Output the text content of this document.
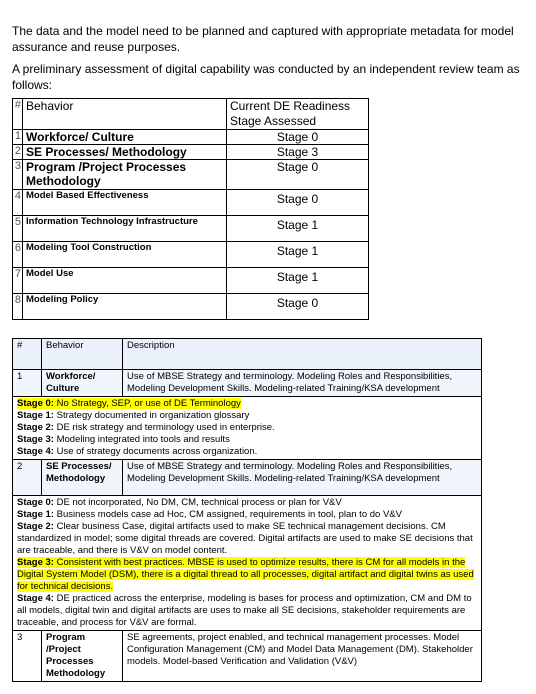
The data and the model need to be planned and captured with appropriate metadata for model assurance and reuse purposes.
A preliminary assessment of digital capability was conducted by an independent review team as follows:
#	Behavior	Current DE Readiness Stage Assessed
1	Workforce/ Culture	Stage 0

2	SE Processes/ Methodology	Stage 3

3	Program /Project Processes Methodology	Stage 0

4	Model Based Effectiveness	Stage 0

5	Information Technology Infrastructure	Stage 1

6	Modeling Tool Construction	Stage 1

7	Model Use	Stage 1

8	Modeling Policy	Stage 0
#	Behavior	Description
1	Workforce/ Culture	Use of MBSE Strategy and terminology. Modeling Roles and Responsibilities, Modeling Development Skills. Modeling-related Training/KSA development

Stage 0: No Strategy, SEP, or use of DE Terminology
Stage 1: Strategy documented in organization glossary
Stage 2: DE risk strategy and terminology used in enterprise.
Stage 3: Modeling integrated into tools and results
Stage 4: Use of strategy documents across organization.		

2	SE Processes/ Methodology	Use of MBSE Strategy and terminology. Modeling Roles and Responsibilities, Modeling Development Skills. Modeling-related Training/KSA development

Stage 0: DE not incorporated, No DM, CM, technical process or plan for V&V
Stage 1: Business models case ad Hoc, CM assigned, requirements in tool, plan to do V&V
Stage 2: Clear business Case, digital artifacts used to make SE technical management decisions. CM standardized in model; some digital threads are covered. Digital artifacts are used to make SE decisions that are traceable, and there is V&V on model content.
Stage 3: Consistent with best practices. MBSE is used to optimize results, there is CM for all models in the Digital System Model (DSM), there is a digital thread to all processes, digital artifact and digital twins as used for technical decisions.
Stage 4: DE practiced across the enterprise, modeling is bases for process and optimization, CM and DM to all models, digital twin and digital artifacts are uses to make all SE decisions, stakeholder requirements are traceable, and process for V&V are formal.		

3	Program /Project Processes Methodology	SE agreements, project enabled, and technical management processes. Model Configuration Management (CM) and Model Data Management (DM). Stakeholder models. Model-based Verification and Validation (V&V)
